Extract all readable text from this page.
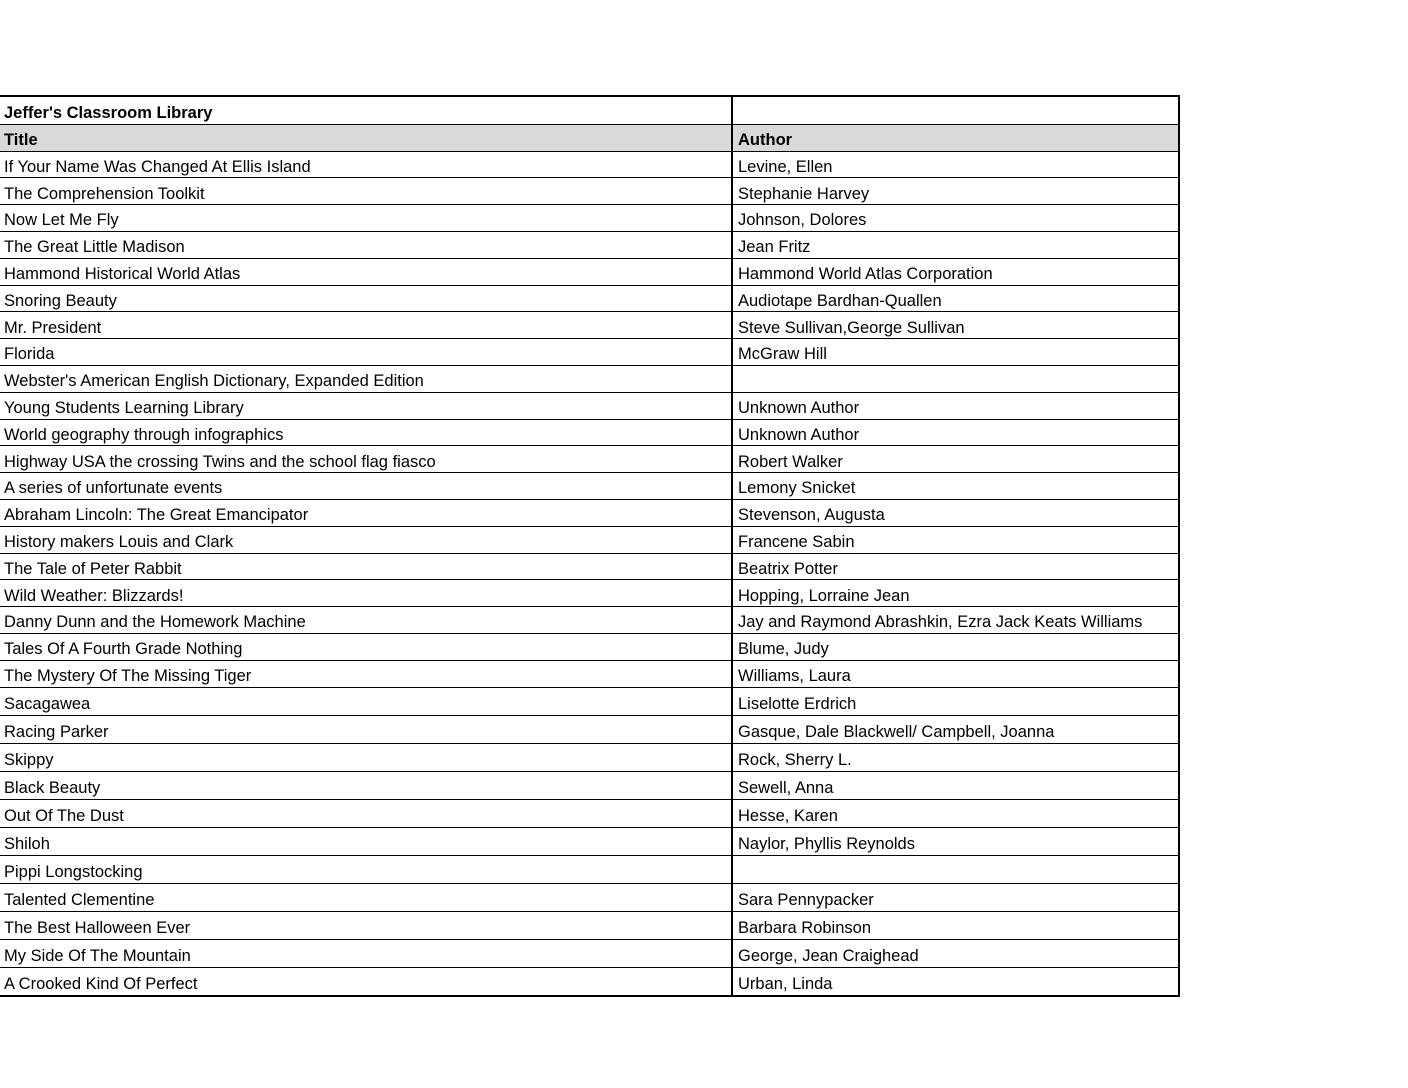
Jeffer's Classroom Library
Title	Author
If Your Name Was Changed At Ellis Island	Levine, Ellen
The Comprehension Toolkit	Stephanie Harvey
Now Let Me Fly	Johnson, Dolores
The Great Little Madison	Jean Fritz
Hammond Historical World Atlas	Hammond World Atlas Corporation
Snoring Beauty	Audiotape Bardhan-Quallen
Mr. President	Steve Sullivan,George Sullivan
Florida	McGraw Hill
Webster's American English Dictionary, Expanded Edition
Young Students Learning Library	Unknown Author
World geography through infographics	Unknown Author
Highway USA the crossing Twins and the school flag fiasco	Robert Walker
A series of unfortunate events	Lemony Snicket
Abraham Lincoln: The Great Emancipator	Stevenson, Augusta
History makers Louis and Clark	Francene Sabin
The Tale of Peter Rabbit	Beatrix Potter
Wild Weather: Blizzards!	Hopping, Lorraine Jean
Danny Dunn and the Homework Machine	Jay and Raymond Abrashkin, Ezra Jack Keats Williams
Tales Of A Fourth Grade Nothing	Blume, Judy
The Mystery Of The Missing Tiger	Williams, Laura
Sacagawea	Liselotte Erdrich
Racing Parker	Gasque, Dale Blackwell/ Campbell, Joanna
Skippy	Rock, Sherry L.
Black Beauty	Sewell, Anna
Out Of The Dust	Hesse, Karen
Shiloh	Naylor, Phyllis Reynolds
Pippi Longstocking
Talented Clementine	Sara Pennypacker
The Best Halloween Ever	Barbara Robinson
My Side Of The Mountain	George, Jean Craighead
A Crooked Kind Of Perfect	Urban, Linda
